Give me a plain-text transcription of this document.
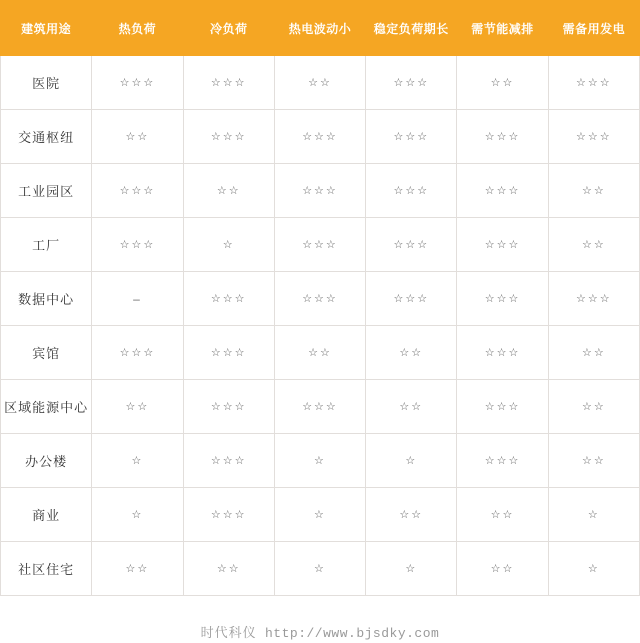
建筑用途	热负荷	冷负荷	热电波动小	稳定负荷期长	需节能减排	需备用发电
医院	☆☆☆	☆☆☆	☆☆	☆☆☆	☆☆	☆☆☆
交通枢纽	☆☆	☆☆☆	☆☆☆	☆☆☆	☆☆☆	☆☆☆
工业园区	☆☆☆	☆☆	☆☆☆	☆☆☆	☆☆☆	☆☆
工厂	☆☆☆	☆	☆☆☆	☆☆☆	☆☆☆	☆☆
数据中心	–	☆☆☆	☆☆☆	☆☆☆	☆☆☆	☆☆☆
宾馆	☆☆☆	☆☆☆	☆☆	☆☆	☆☆☆	☆☆
区域能源中心	☆☆	☆☆☆	☆☆☆	☆☆	☆☆☆	☆☆
办公楼	☆	☆☆☆	☆	☆	☆☆☆	☆☆
商业	☆	☆☆☆	☆	☆☆	☆☆	☆
社区住宅	☆☆	☆☆	☆	☆	☆☆	☆
时代科仪 http://www.bjsdky.com
